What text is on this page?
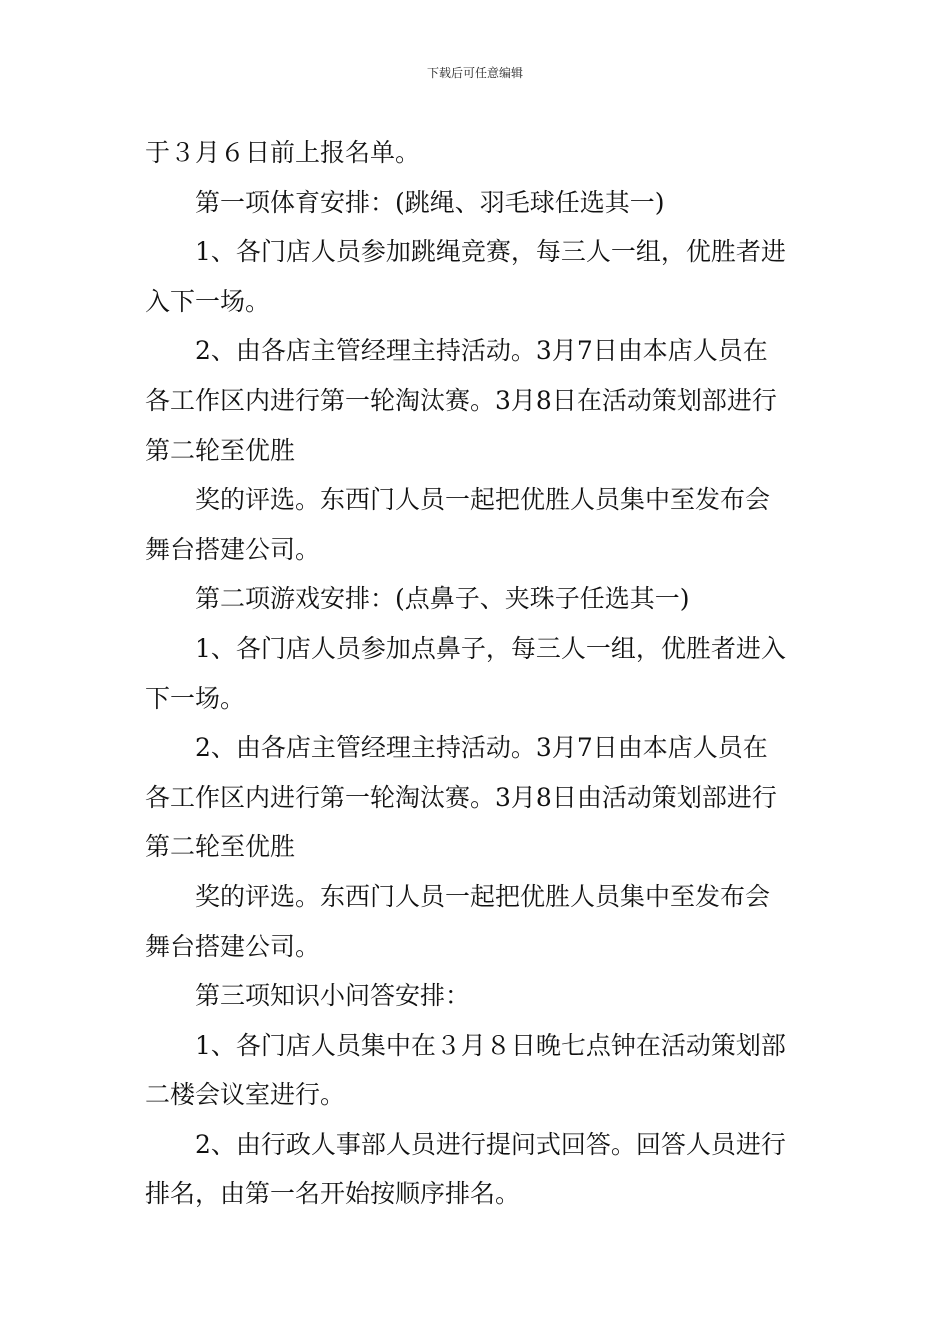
下载后可任意编辑
于３月６日前上报名单。
第一项体育安排：(跳绳、羽毛球任选其一)
1、各门店人员参加跳绳竞赛，每三人一组，优胜者进
入下一场。
2、由各店主管经理主持活动。3月7日由本店人员在
各工作区内进行第一轮淘汰赛。3月8日在活动策划部进行
第二轮至优胜
奖的评选。东西门人员一起把优胜人员集中至发布会
舞台搭建公司。
第二项游戏安排：(点鼻子、夹珠子任选其一)
1、各门店人员参加点鼻子，每三人一组，优胜者进入
下一场。
2、由各店主管经理主持活动。3月7日由本店人员在
各工作区内进行第一轮淘汰赛。3月8日由活动策划部进行
第二轮至优胜
奖的评选。东西门人员一起把优胜人员集中至发布会
舞台搭建公司。
第三项知识小问答安排：
1、各门店人员集中在３月８日晚七点钟在活动策划部
二楼会议室进行。
2、由行政人事部人员进行提问式回答。回答人员进行
排名，由第一名开始按顺序排名。
